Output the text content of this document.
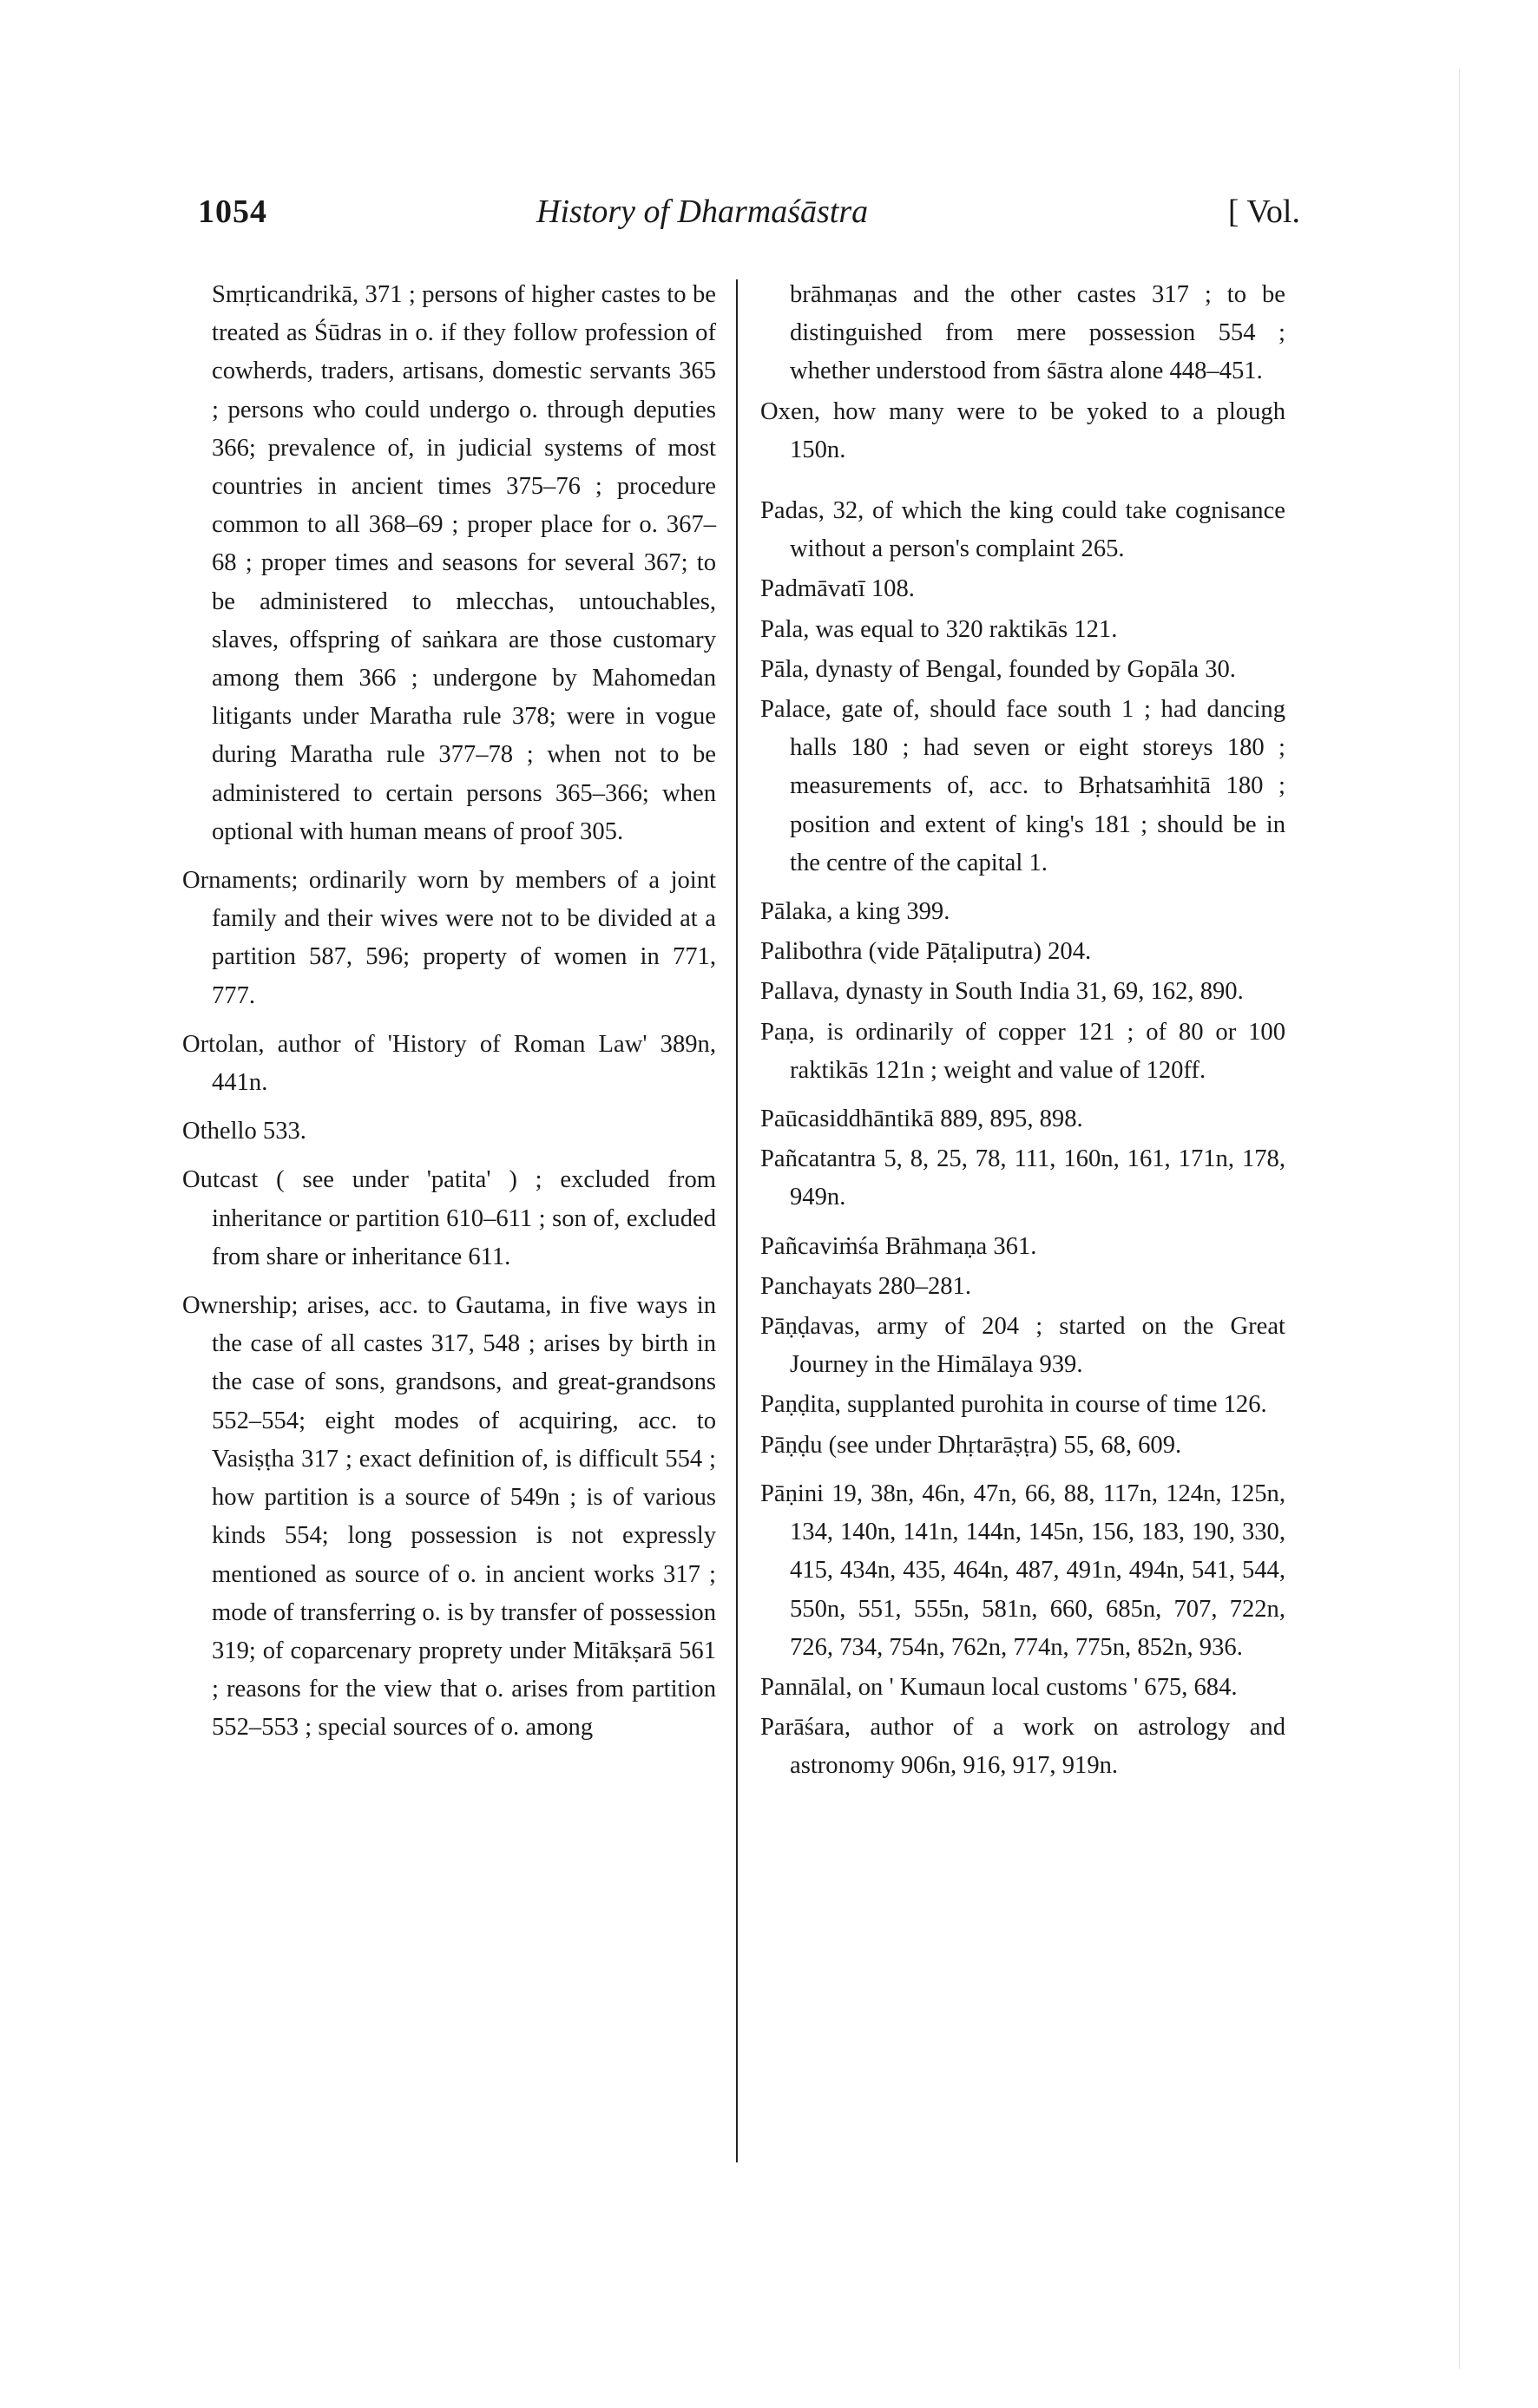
1054	History of Dharmaśāstra	[ Vol.

Smṛticandrikā, 371 ; persons of higher castes to be treated as Śūdras in o. if they follow profession of cowherds, traders, artisans, domestic servants 365 ; persons who could undergo o. through deputies 366; prevalence of, in judicial systems of most countries in ancient times 375–76 ; procedure common to all 368–69 ; proper place for o. 367–68 ; proper times and seasons for several 367; to be administered to mlecchas, untouchables, slaves, offspring of saṅkara are those customary among them 366 ; undergone by Mahomedan litigants under Maratha rule 378; were in vogue during Maratha rule 377–78 ; when not to be administered to certain persons 365–366; when optional with human means of proof 305.

Ornaments; ordinarily worn by members of a joint family and their wives were not to be divided at a partition 587, 596; property of women in 771, 777.

Ortolan, author of 'History of Roman Law' 389n, 441n.

Othello 533.

Outcast ( see under 'patita' ) ; excluded from inheritance or partition 610–611 ; son of, excluded from share or inheritance 611.

Ownership; arises, acc. to Gautama, in five ways in the case of all castes 317, 548 ; arises by birth in the case of sons, grandsons, and great-grandsons 552–554; eight modes of acquiring, acc. to Vasiṣṭha 317 ; exact definition of, is difficult 554 ; how partition is a source of 549n ; is of various kinds 554; long possession is not expressly mentioned as source of o. in ancient works 317 ; mode of transferring o. is by transfer of possession 319; of coparcenary proprety under Mitākṣarā 561 ; reasons for the view that o. arises from partition 552–553 ; special sources of o. among

brāhmaṇas and the other castes 317 ; to be distinguished from mere possession 554 ; whether understood from śāstra alone 448–451.

Oxen, how many were to be yoked to a plough 150n.

Padas, 32, of which the king could take cognisance without a person's complaint 265.

Padmāvatī 108.

Pala, was equal to 320 raktikās 121.

Pāla, dynasty of Bengal, founded by Gopāla 30.

Palace, gate of, should face south 1 ; had dancing halls 180 ; had seven or eight storeys 180 ; measurements of, acc. to Bṛhatsaṁhitā 180 ; position and extent of king's 181 ; should be in the centre of the capital 1.

Pālaka, a king 399.

Palibothra (vide Pāṭaliputra) 204.

Pallava, dynasty in South India 31, 69, 162, 890.

Paṇa, is ordinarily of copper 121 ; of 80 or 100 raktikās 121n ; weight and value of 120ff.

Paūcasiddhāntikā 889, 895, 898.

Pañcatantra 5, 8, 25, 78, 111, 160n, 161, 171n, 178, 949n.

Pañcaviṁśa Brāhmaṇa 361.

Panchayats 280–281.

Pāṇḍavas, army of 204 ; started on the Great Journey in the Himālaya 939.

Paṇḍita, supplanted purohita in course of time 126.

Pāṇḍu (see under Dhṛtarāṣṭra) 55, 68, 609.

Pāṇini 19, 38n, 46n, 47n, 66, 88, 117n, 124n, 125n, 134, 140n, 141n, 144n, 145n, 156, 183, 190, 330, 415, 434n, 435, 464n, 487, 491n, 494n, 541, 544, 550n, 551, 555n, 581n, 660, 685n, 707, 722n, 726, 734, 754n, 762n, 774n, 775n, 852n, 936.

Pannālal, on ' Kumaun local customs ' 675, 684.

Parāśara, author of a work on astrology and astronomy 906n, 916, 917, 919n.
